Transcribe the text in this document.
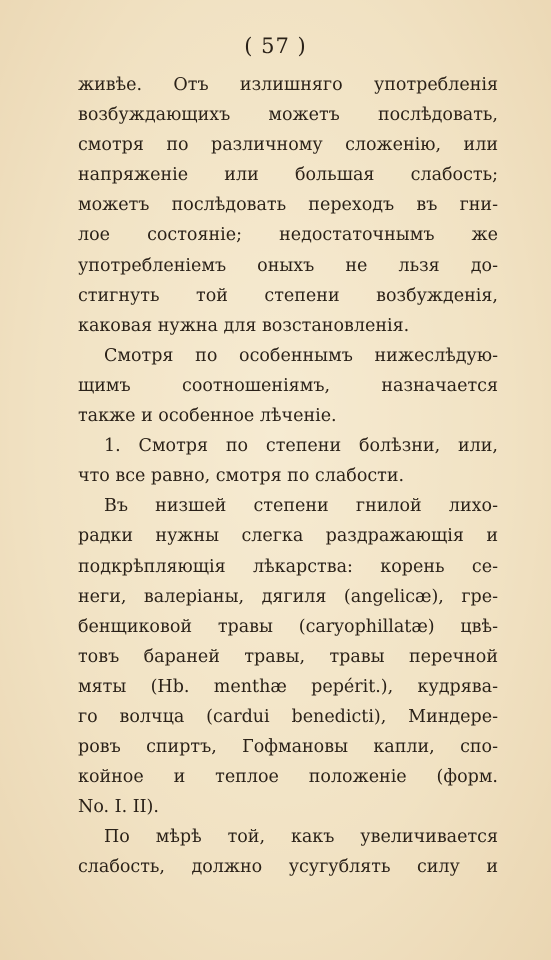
( 57 )
живѣе. Отъ излишняго употребленія
возбуждающихъ можетъ послѣдовать,
смотря по различному сложенію, или
напряженіе или большая слабость;
можетъ послѣдовать переходъ въ гни-
лое состояніе; недостаточнымъ же
употребленіемъ оныхъ не льзя до-
стигнуть той степени возбужденія,
каковая нужна для возстановленія.
Смотря по особеннымъ нижеслѣдую-
щимъ соотношеніямъ, назначается
также и особенное лѣченіе.
1. Смотря по степени болѣзни, или,
что все равно, смотря по слабости.
Въ низшей степени гнилой лихо-
радки нужны слегка раздражающія и
подкрѣпляющія лѣкарства: корень се-
неги, валеріаны, дягиля (angelicæ), гре-
бенщиковой травы (caryophillatæ) цвѣ-
товъ бараней травы, травы перечной
мяты (Hb. menthæ pepérit.), кудрява-
го волчца (cardui benedicti), Миндере-
ровъ спиртъ, Гофмановы капли, спо-
койное и теплое положеніе (форм.
No. I. II).
По мѣрѣ той, какъ увеличивается
слабость, должно усугублять силу и
